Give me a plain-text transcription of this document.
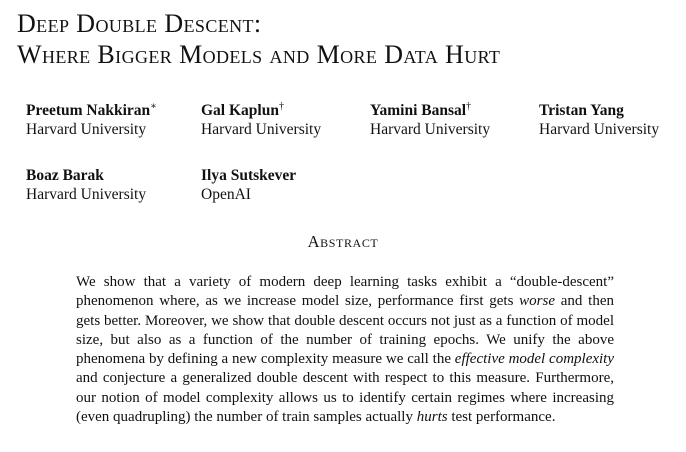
Deep Double Descent:
Where Bigger Models and More Data Hurt
Preetum Nakkiran∗
Harvard University
Gal Kaplun†
Harvard University
Yamini Bansal†
Harvard University
Tristan Yang
Harvard University
Boaz Barak
Harvard University
Ilya Sutskever
OpenAI
Abstract
We show that a variety of modern deep learning tasks exhibit a “double-descent” phenomenon where, as we increase model size, performance first gets worse and then gets better. Moreover, we show that double descent occurs not just as a function of model size, but also as a function of the number of training epochs. We unify the above phenomena by defining a new complexity measure we call the effective model complexity and conjecture a generalized double descent with respect to this measure. Furthermore, our notion of model complexity allows us to identify certain regimes where increasing (even quadrupling) the number of train samples actually hurts test performance.
